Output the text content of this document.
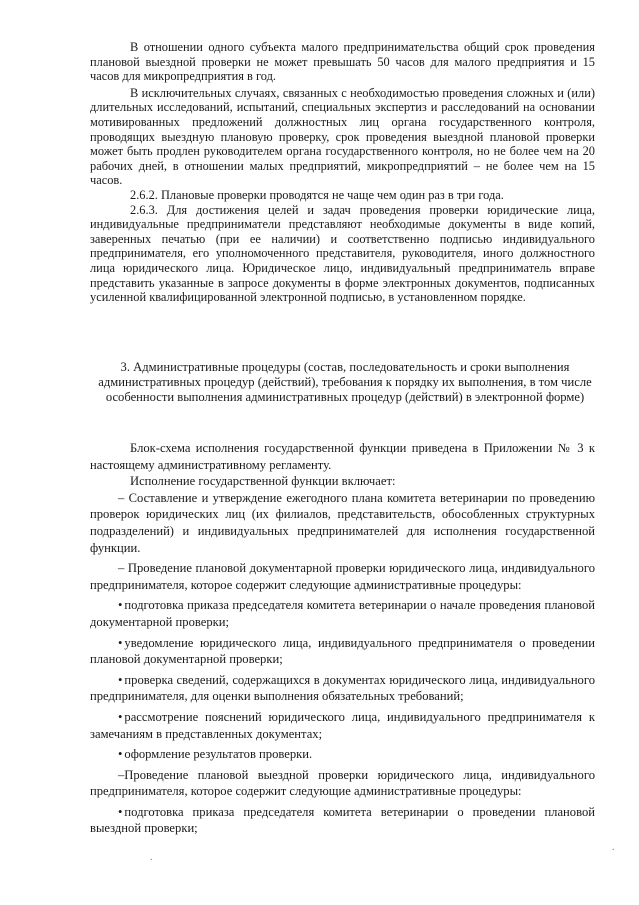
В отношении одного субъекта малого предпринимательства общий срок проведения плановой выездной проверки не может превышать 50 часов для малого предприятия и 15 часов для микропредприятия в год.

В исключительных случаях, связанных с необходимостью проведения сложных и (или) длительных исследований, испытаний, специальных экспертиз и расследований на основании мотивированных предложений должностных лиц органа государственного контроля, проводящих выездную плановую проверку, срок проведения выездной плановой проверки может быть продлен руководителем органа государственного контроля, но не более чем на 20 рабочих дней, в отношении малых предприятий, микропредприятий – не более чем на 15 часов.

2.6.2. Плановые проверки проводятся не чаще чем один раз в три года.

2.6.3. Для достижения целей и задач проведения проверки юридические лица, индивидуальные предприниматели представляют необходимые документы в виде копий, заверенных печатью (при ее наличии) и соответственно подписью индивидуального предпринимателя, его уполномоченного представителя, руководителя, иного должностного лица юридического лица. Юридическое лицо, индивидуальный предприниматель вправе представить указанные в запросе документы в форме электронных документов, подписанных усиленной квалифицированной электронной подписью, в установленном порядке.

3. Административные процедуры (состав, последовательность и сроки выполнения административных процедур (действий), требования к порядку их выполнения, в том числе особенности выполнения административных процедур (действий) в электронной форме)

Блок-схема исполнения государственной функции приведена в Приложении № 3 к настоящему административному регламенту.

Исполнение государственной функции включает:

– Составление и утверждение ежегодного плана комитета ветеринарии по проведению проверок юридических лиц (их филиалов, представительств, обособленных структурных подразделений) и индивидуальных предпринимателей для исполнения государственной функции.

– Проведение плановой документарной проверки юридического лица, индивидуального предпринимателя, которое содержит следующие административные процедуры:

• подготовка приказа председателя комитета ветеринарии о начале проведения плановой документарной проверки;

• уведомление юридического лица, индивидуального предпринимателя о проведении плановой документарной проверки;

• проверка сведений, содержащихся в документах юридического лица, индивидуального предпринимателя, для оценки выполнения обязательных требований;

• рассмотрение пояснений юридического лица, индивидуального предпринимателя к замечаниям в представленных документах;

• оформление результатов проверки.

–Проведение плановой выездной проверки юридического лица, индивидуального предпринимателя, которое содержит следующие административные процедуры:

• подготовка приказа председателя комитета ветеринарии о проведении плановой выездной проверки;

.
.
